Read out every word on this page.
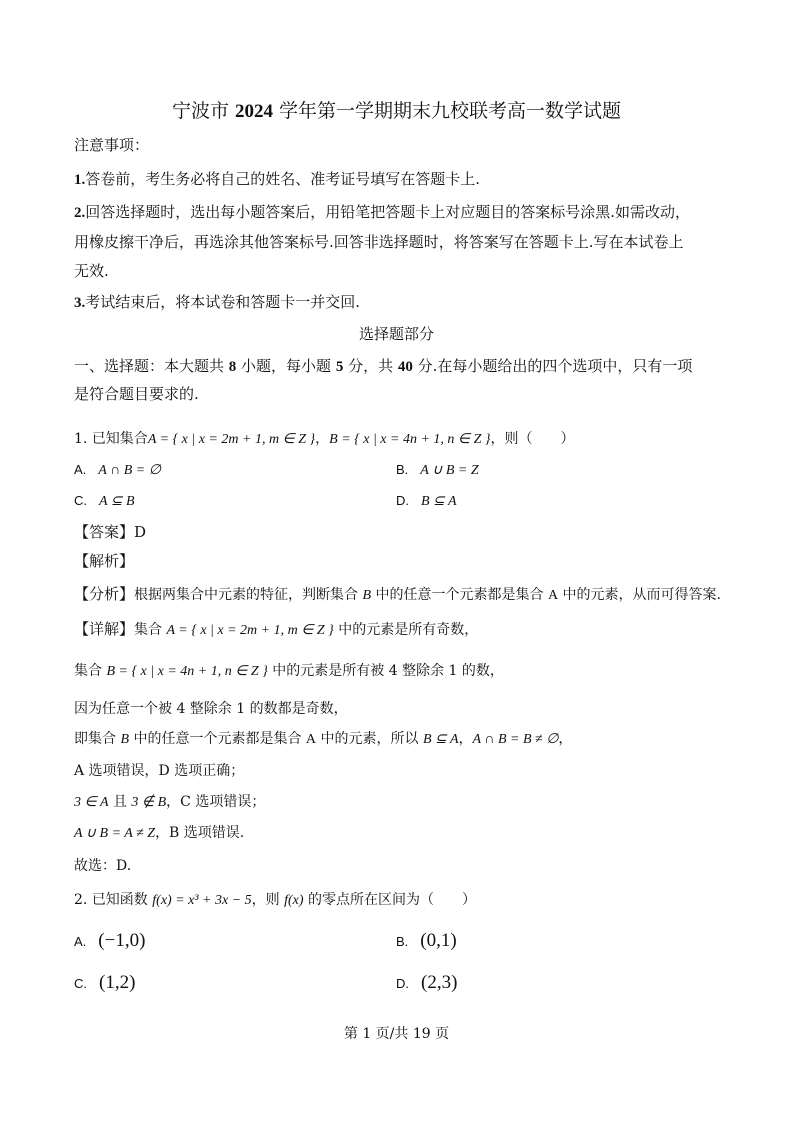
宁波市 2024 学年第一学期期末九校联考高一数学试题
注意事项：
1.答卷前，考生务必将自己的姓名、准考证号填写在答题卡上.
2.回答选择题时，选出每小题答案后，用铅笔把答题卡上对应题目的答案标号涂黑.如需改动，
用橡皮擦干净后，再选涂其他答案标号.回答非选择题时，将答案写在答题卡上.写在本试卷上
无效.
3.考试结束后，将本试卷和答题卡一并交回.
选择题部分
一、选择题：本大题共 8 小题，每小题 5 分，共 40 分.在每小题给出的四个选项中，只有一项
是符合题目要求的.
1. 已知集合A = { x | x = 2m + 1, m ∈ Z }，B = { x | x = 4n + 1, n ∈ Z }，则（　　）
A. A ∩ B = ∅	B. A ∪ B = Z
C. A ⊆ B	D. B ⊆ A
【答案】D
【解析】
【分析】根据两集合中元素的特征，判断集合 B 中的任意一个元素都是集合 A 中的元素，从而可得答案.
【详解】集合 A = { x | x = 2m + 1, m ∈ Z } 中的元素是所有奇数，
集合 B = { x | x = 4n + 1, n ∈ Z } 中的元素是所有被 4 整除余 1 的数，
因为任意一个被 4 整除余 1 的数都是奇数，
即集合 B 中的任意一个元素都是集合 A 中的元素，所以 B ⊆ A，A ∩ B = B ≠ ∅，
A 选项错误，D 选项正确；
3 ∈ A 且 3 ∉ B，C 选项错误；
A ∪ B = A ≠ Z，B 选项错误.
故选：D.
2. 已知函数 f(x) = x³ + 3x − 5，则 f(x) 的零点所在区间为（　　）
A. (−1,0)	B. (0,1)
C. (1,2)	D. (2,3)
第 1 页/共 19 页
